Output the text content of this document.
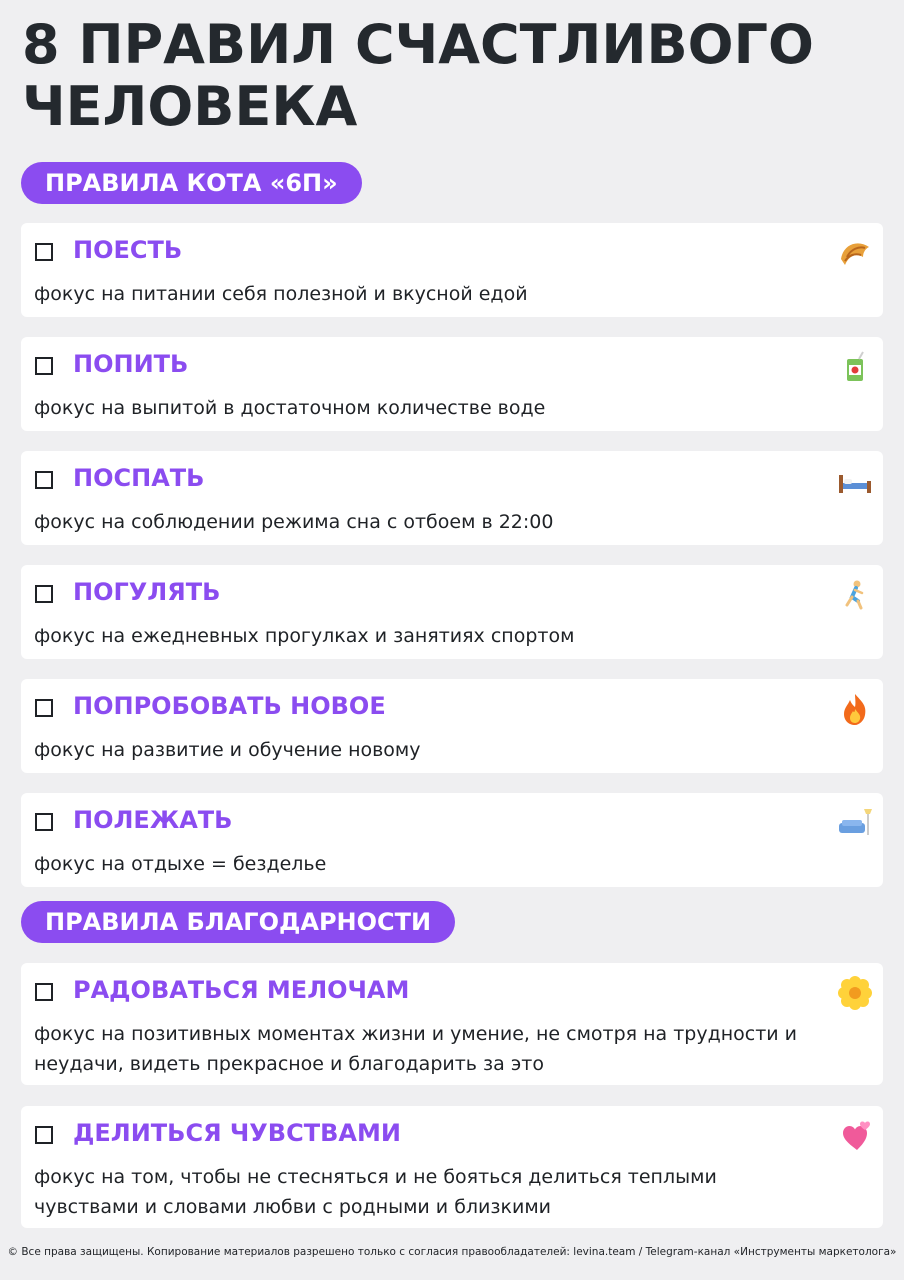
8 ПРАВИЛ СЧАСТЛИВОГО ЧЕЛОВЕКА
ПРАВИЛА КОТА «6П»
ПОЕСТЬ
фокус на питании себя полезной и вкусной едой
ПОПИТЬ
фокус на выпитой в достаточном количестве воде
ПОСПАТЬ
фокус на соблюдении режима сна с отбоем в 22:00
ПОГУЛЯТЬ
фокус на ежедневных прогулках и занятиях спортом
ПОПРОБОВАТЬ НОВОЕ
фокус на развитие и обучение новому
ПОЛЕЖАТЬ
фокус на отдыхе = безделье
ПРАВИЛА БЛАГОДАРНОСТИ
РАДОВАТЬСЯ МЕЛОЧАМ
фокус на позитивных моментах жизни и умение, не смотря на трудности и неудачи, видеть прекрасное и благодарить за это
ДЕЛИТЬСЯ ЧУВСТВАМИ
фокус на том, чтобы не стесняться и не бояться делиться теплыми чувствами и словами любви с родными и близкими
© Все права защищены. Копирование материалов разрешено только с согласия правообладателей: levina.team / Telegram-канал «Инструменты маркетолога»
